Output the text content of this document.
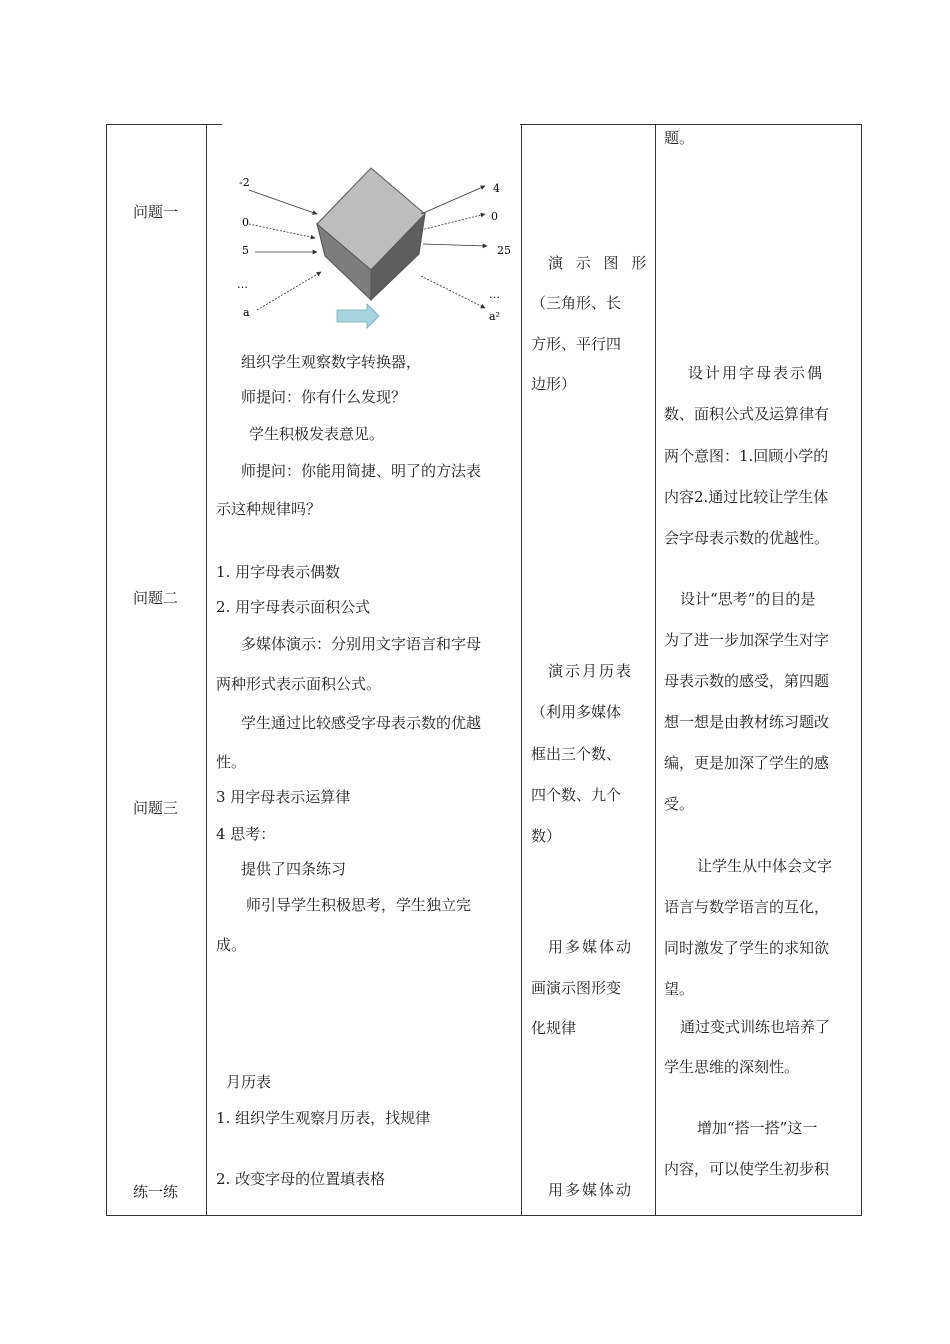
问题一
问题二
问题三
练一练
-2
0
5
…
a
4
0
25
…
a²
组织学生观察数字转换器，
师提问：你有什么发现？
学生积极发表意见。
师提问：你能用简捷、明了的方法表
示这种规律吗？
1. 用字母表示偶数
2. 用字母表示面积公式
多媒体演示：分别用文字语言和字母
两种形式表示面积公式。
学生通过比较感受字母表示数的优越
性。
3 用字母表示运算律
4 思考：
提供了四条练习
师引导学生积极思考，学生独立完
成。
月历表
1. 组织学生观察月历表，找规律
2. 改变字母的位置填表格
演 示 图 形
（三角形、长
方形、平行四
边形）
演示月历表
（利用多媒体
框出三个数、
四个数、九个
数）
用多媒体动
画演示图形变
化规律
用多媒体动
题。
设计用字母表示偶
数、面积公式及运算律有
两个意图：1.回顾小学的
内容2.通过比较让学生体
会字母表示数的优越性。
设计“思考”的目的是
为了进一步加深学生对字
母表示数的感受，第四题
想一想是由教材练习题改
编，更是加深了学生的感
受。
让学生从中体会文字
语言与数学语言的互化，
同时激发了学生的求知欲
望。
通过变式训练也培养了
学生思维的深刻性。
增加“搭一搭”这一
内容，可以使学生初步积
